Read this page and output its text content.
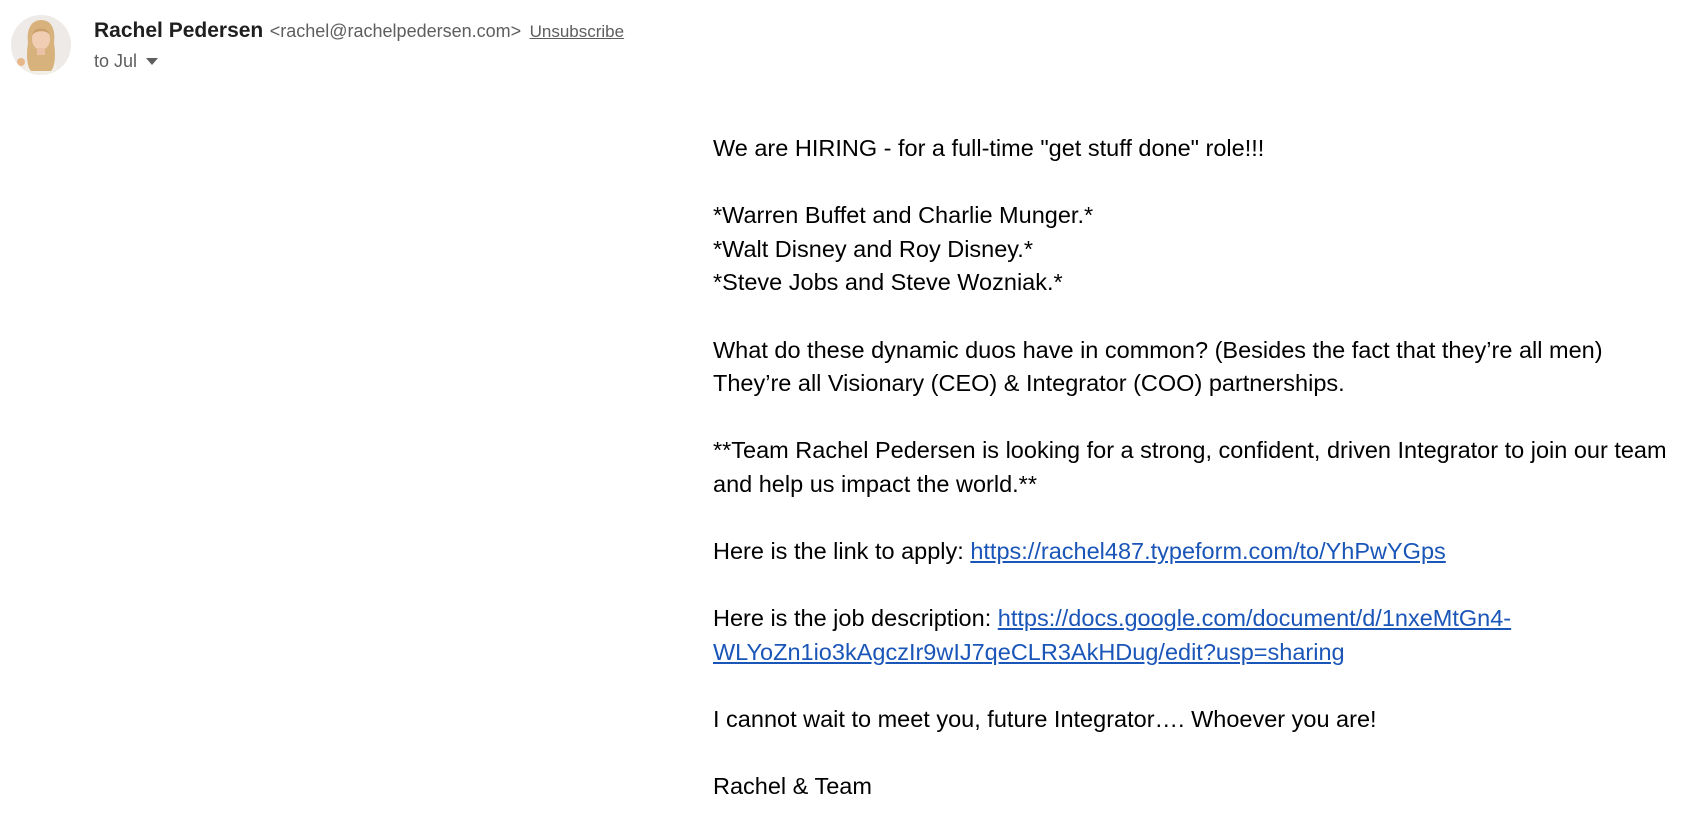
Rachel Pedersen <rachel@rachelpedersen.com> Unsubscribe
to Jul

We are HIRING - for a full-time "get stuff done" role!!!

*Warren Buffet and Charlie Munger.*

*Walt Disney and Roy Disney.*

*Steve Jobs and Steve Wozniak.*

What do these dynamic duos have in common? (Besides the fact that they’re all men)

They’re all Visionary (CEO) & Integrator (COO) partnerships.

**Team Rachel Pedersen is looking for a strong, confident, driven Integrator to join our team and help us impact the world.**

Here is the link to apply: https://rachel487.typeform.com/to/YhPwYGps

Here is the job description: https://docs.google.com/document/d/1nxeMtGn4-WLYoZn1io3kAgczIr9wIJ7qeCLR3AkHDug/edit?usp=sharing

I cannot wait to meet you, future Integrator…. Whoever you are!

Rachel & Team
